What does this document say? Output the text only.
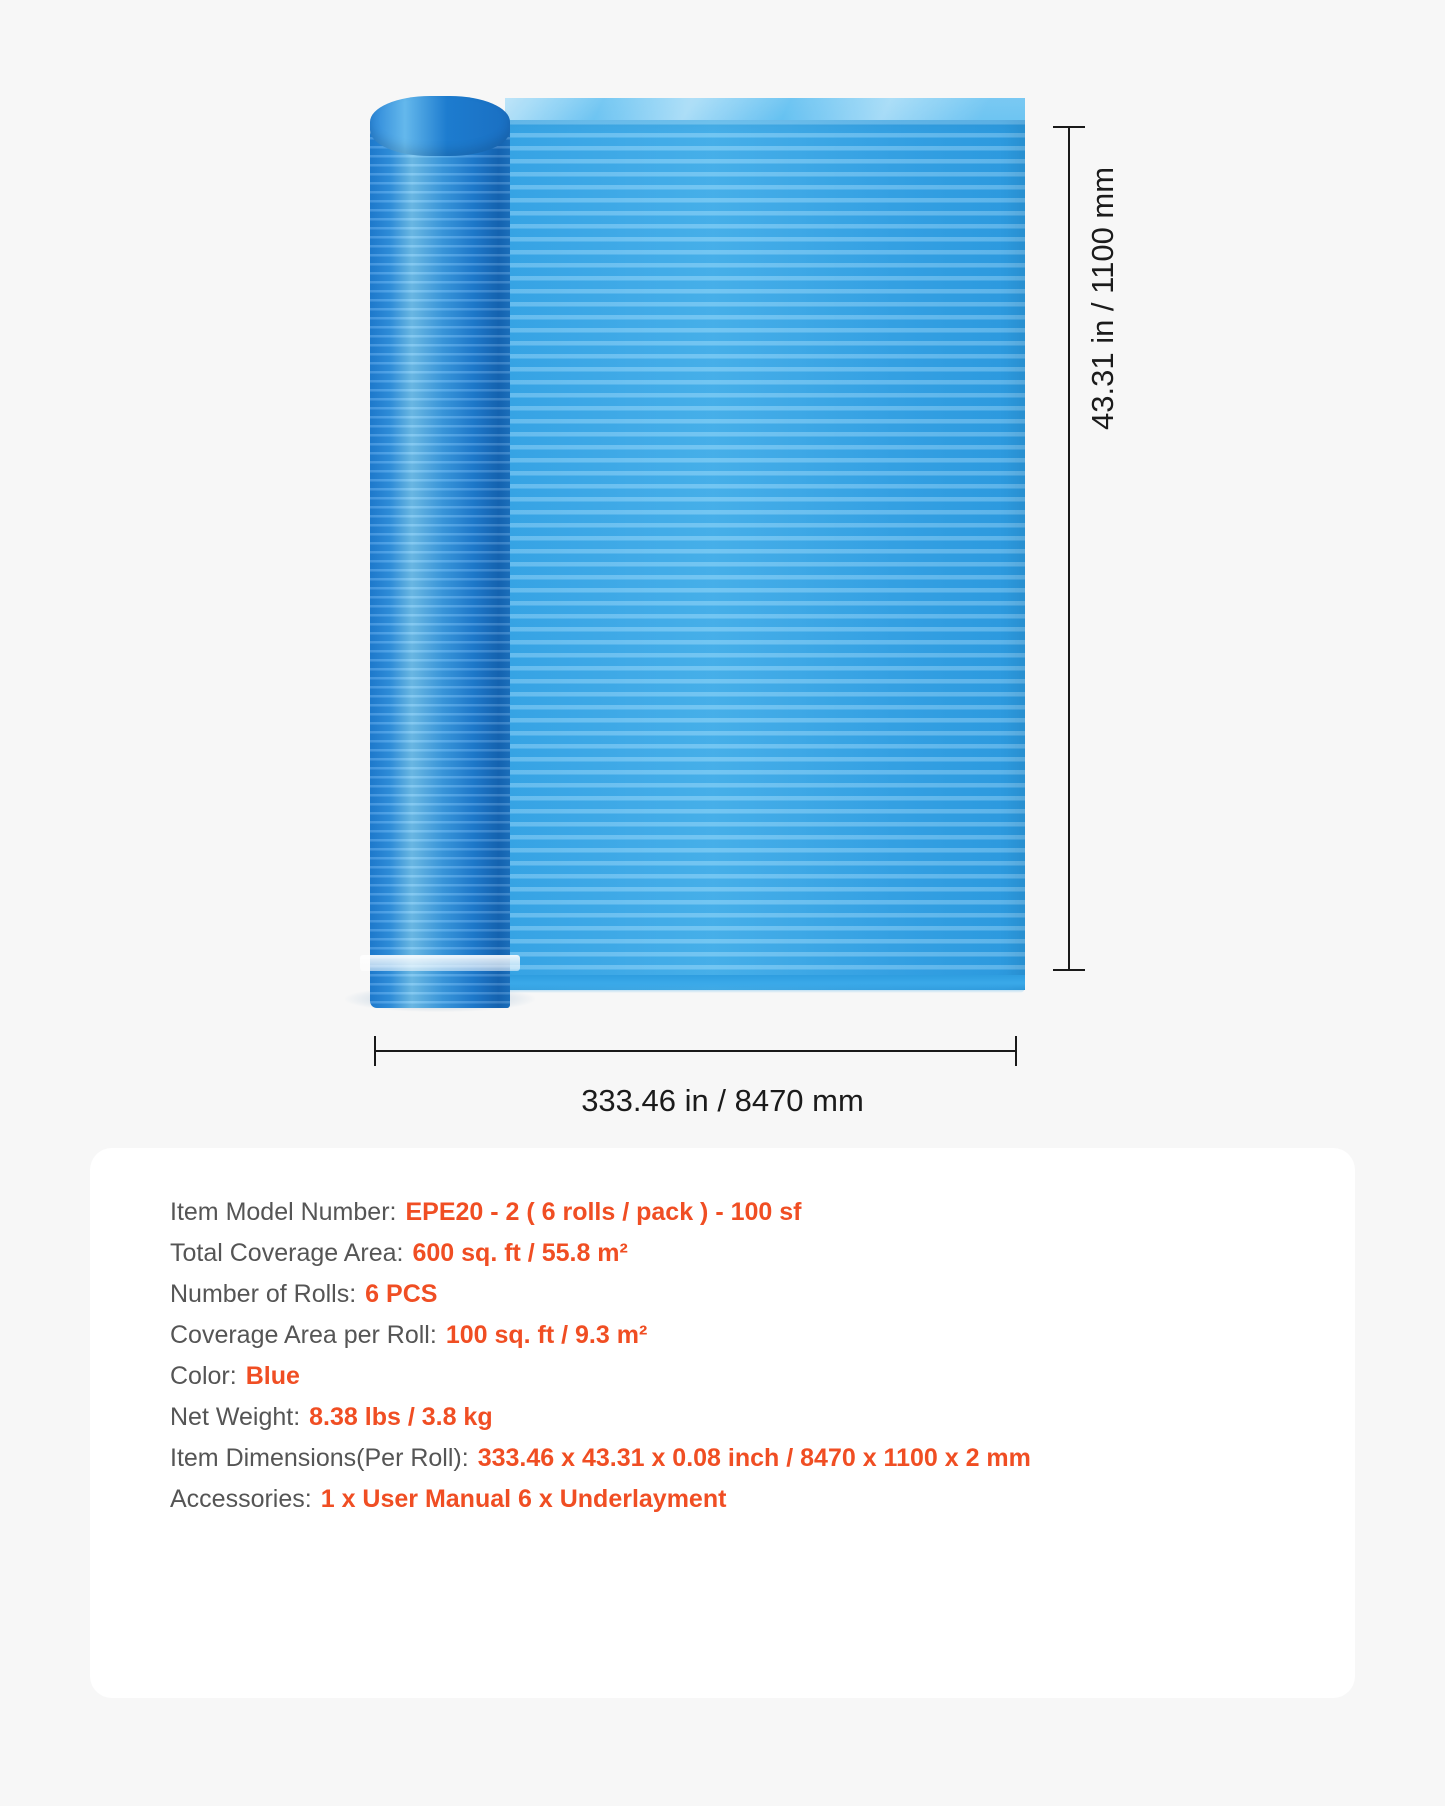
43.31 in / 1100 mm
333.46 in / 8470 mm
Item Model Number: EPE20 - 2 ( 6 rolls / pack ) - 100 sf
Total Coverage Area: 600 sq. ft / 55.8 m²
Number of Rolls: 6 PCS
Coverage Area per Roll: 100 sq. ft / 9.3 m²
Color: Blue
Net Weight: 8.38 lbs / 3.8 kg
Item Dimensions(Per Roll): 333.46 x 43.31 x 0.08 inch / 8470 x 1100 x 2 mm
Accessories: 1 x User Manual 6 x Underlayment
